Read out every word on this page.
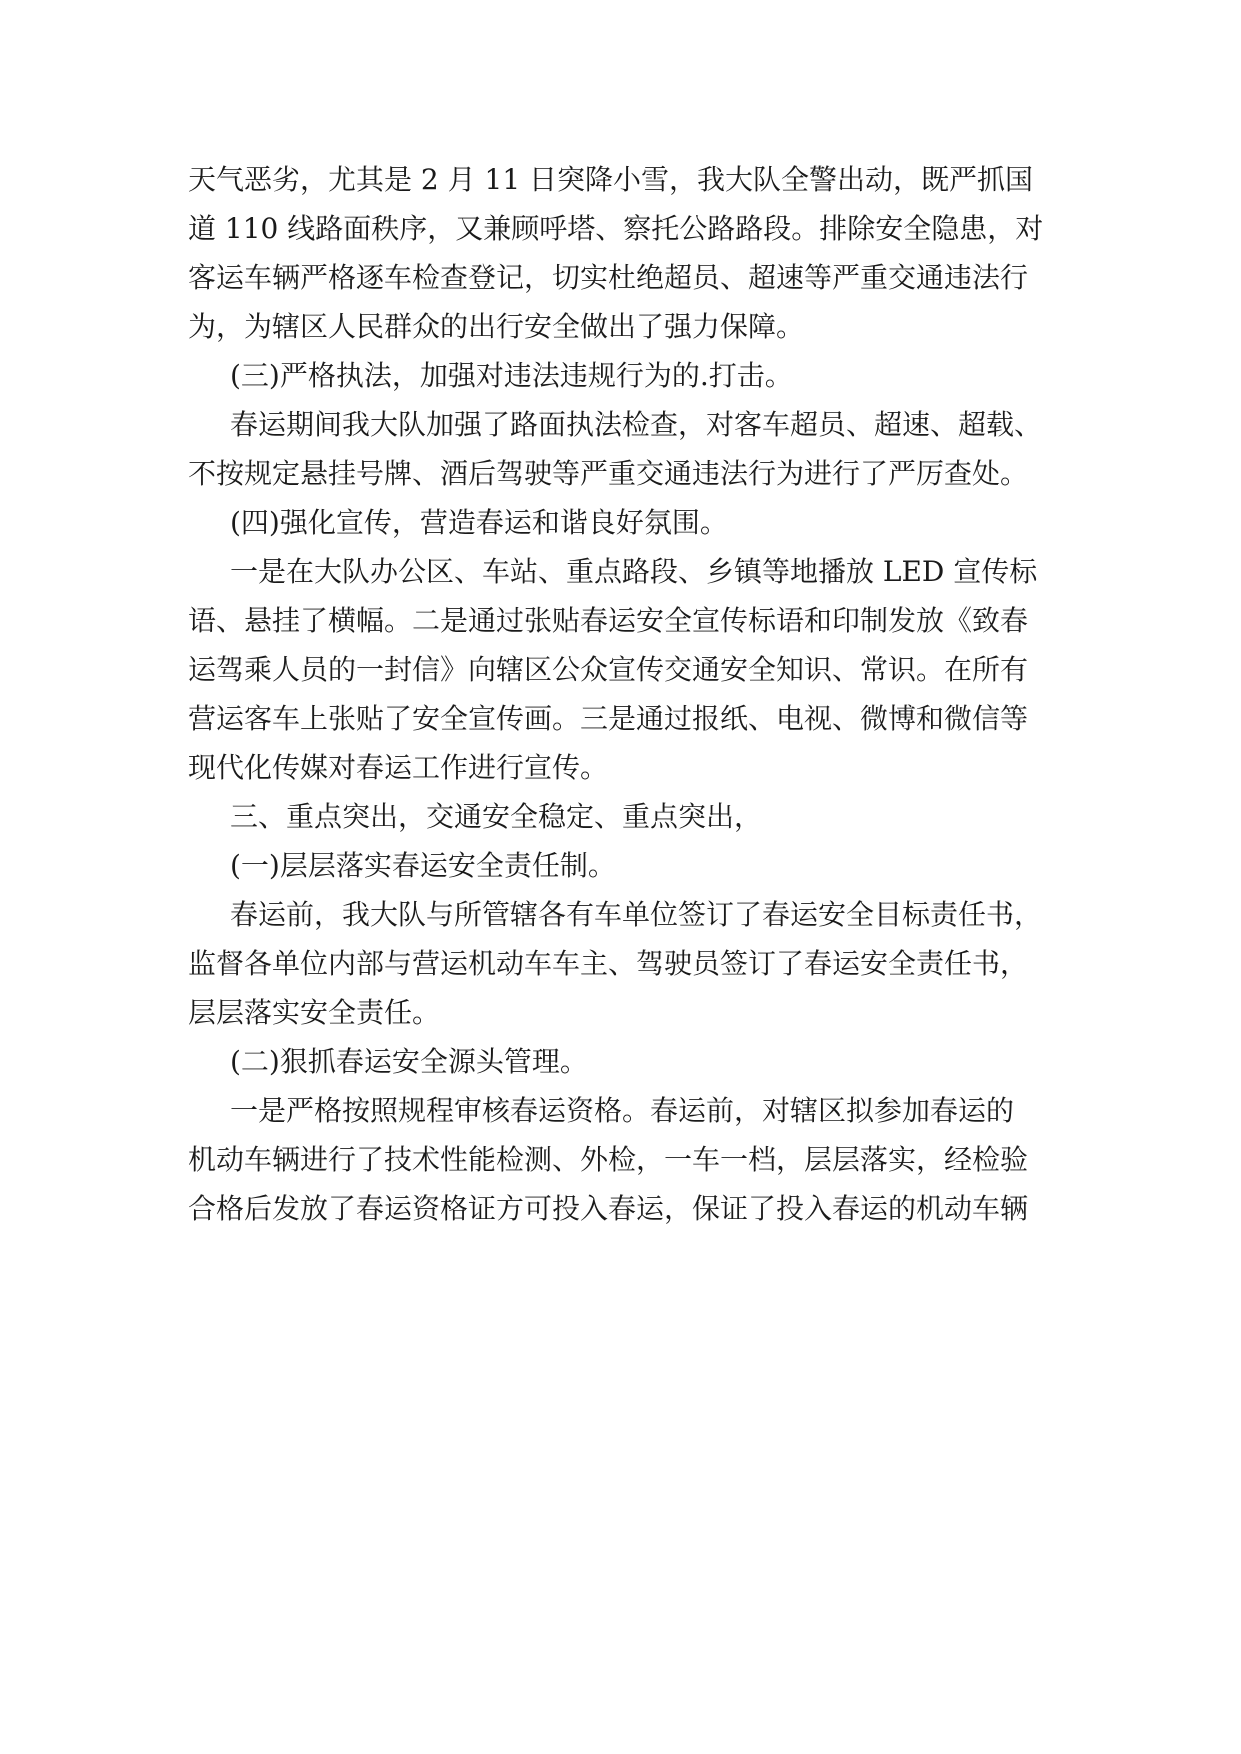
天气恶劣，尤其是 2 月 11 日突降小雪，我大队全警出动，既严抓国

道 110 线路面秩序，又兼顾呼塔、察托公路路段。排除安全隐患，对

客运车辆严格逐车检查登记，切实杜绝超员、超速等严重交通违法行

为，为辖区人民群众的出行安全做出了强力保障。

(三)严格执法，加强对违法违规行为的.打击。

春运期间我大队加强了路面执法检查，对客车超员、超速、超载、

不按规定悬挂号牌、酒后驾驶等严重交通违法行为进行了严厉查处。

(四)强化宣传，营造春运和谐良好氛围。

一是在大队办公区、车站、重点路段、乡镇等地播放 LED 宣传标

语、悬挂了横幅。二是通过张贴春运安全宣传标语和印制发放《致春

运驾乘人员的一封信》向辖区公众宣传交通安全知识、常识。在所有

营运客车上张贴了安全宣传画。三是通过报纸、电视、微博和微信等

现代化传媒对春运工作进行宣传。

三、重点突出，交通安全稳定、重点突出，

(一)层层落实春运安全责任制。

春运前，我大队与所管辖各有车单位签订了春运安全目标责任书，

监督各单位内部与营运机动车车主、驾驶员签订了春运安全责任书，

层层落实安全责任。

(二)狠抓春运安全源头管理。

一是严格按照规程审核春运资格。春运前，对辖区拟参加春运的

机动车辆进行了技术性能检测、外检，一车一档，层层落实，经检验

合格后发放了春运资格证方可投入春运，保证了投入春运的机动车辆
